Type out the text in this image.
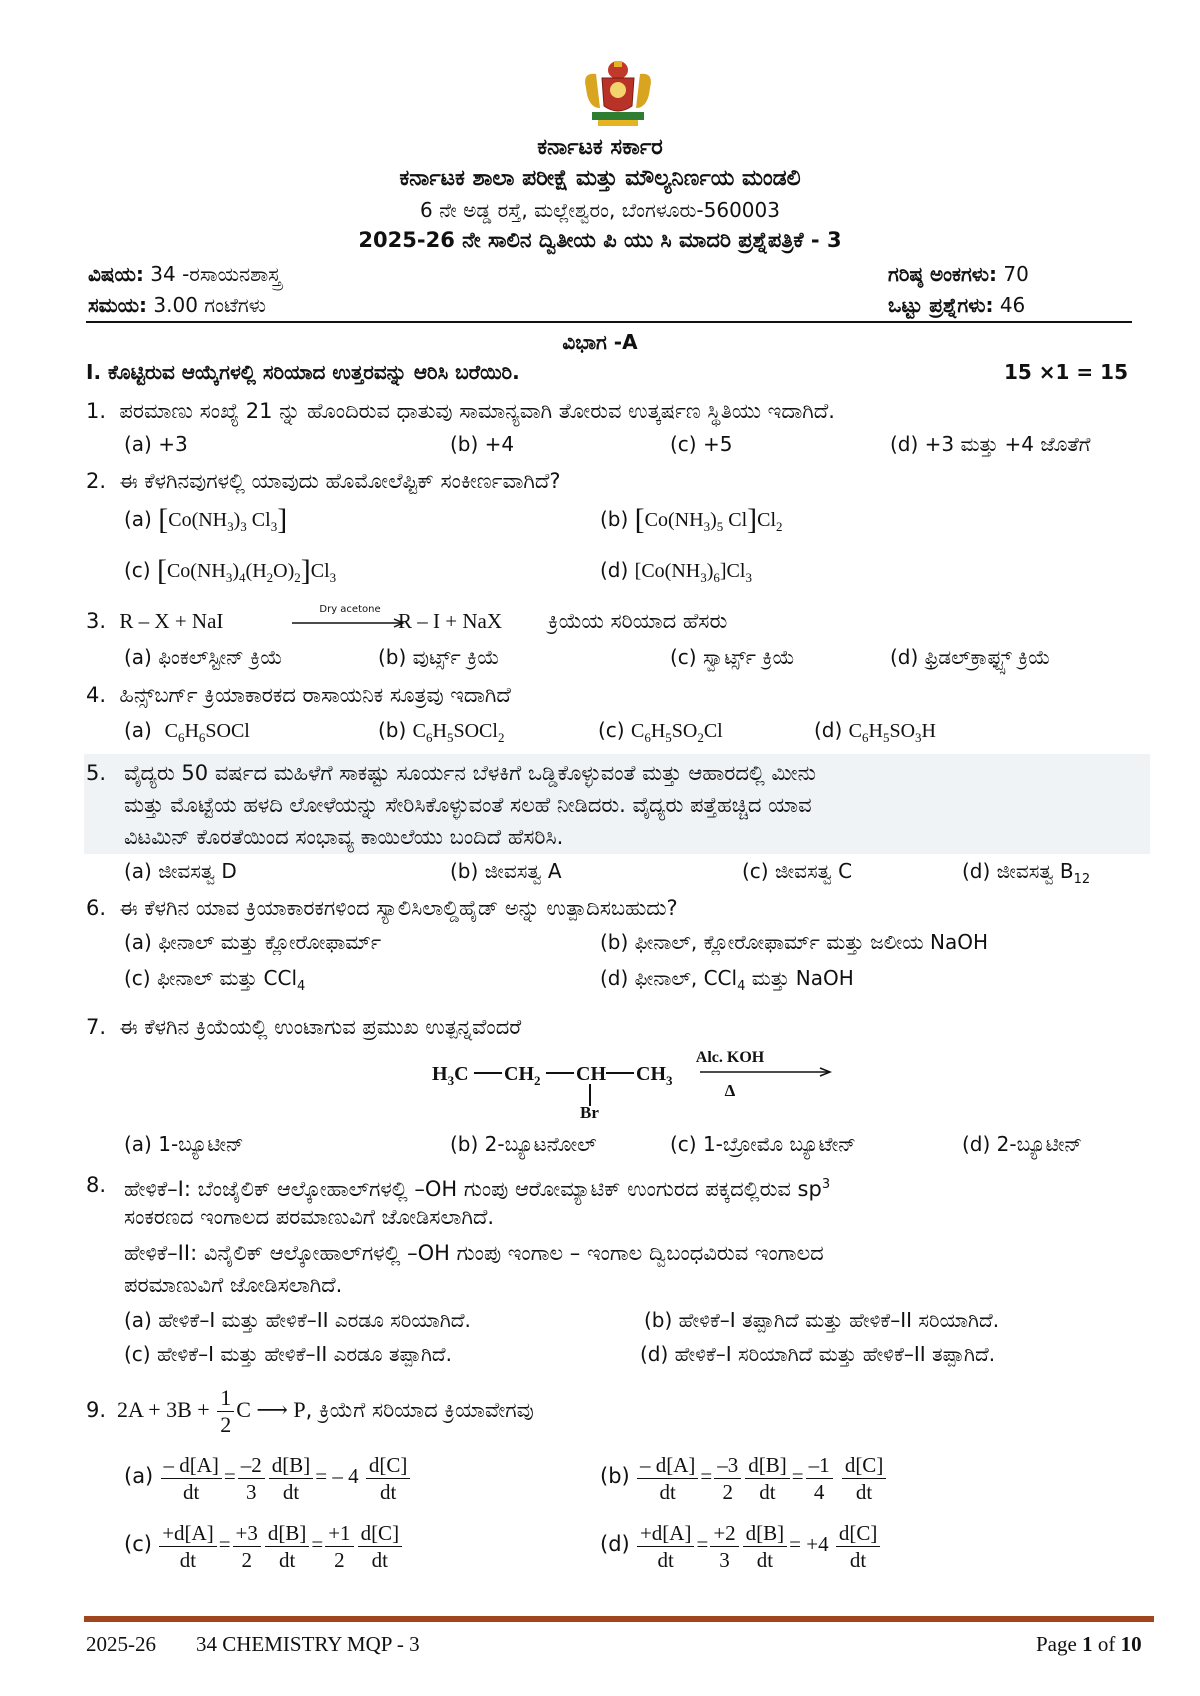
ಕರ್ನಾಟಕ ಸರ್ಕಾರ
ಕರ್ನಾಟಕ ಶಾಲಾ ಪರೀಕ್ಷೆ ಮತ್ತು ಮೌಲ್ಯನಿರ್ಣಯ ಮಂಡಲಿ
6 ನೇ ಅಡ್ಡ ರಸ್ತೆ, ಮಲ್ಲೇಶ್ವರಂ, ಬೆಂಗಳೂರು-560003
2025-26 ನೇ ಸಾಲಿನ ದ್ವಿತೀಯ ಪಿ ಯು ಸಿ ಮಾದರಿ ಪ್ರಶ್ನೆಪತ್ರಿಕೆ - 3
ವಿಷಯ: 34 -ರಸಾಯನಶಾಸ್ತ್ರ	ಗರಿಷ್ಠ ಅಂಕಗಳು: 70
ಸಮಯ: 3.00 ಗಂಟೆಗಳು	ಒಟ್ಟು ಪ್ರಶ್ನೆಗಳು: 46
ವಿಭಾಗ -A
I. ಕೊಟ್ಟಿರುವ ಆಯ್ಕೆಗಳಲ್ಲಿ ಸರಿಯಾದ ಉತ್ತರವನ್ನು ಆರಿಸಿ ಬರೆಯಿರಿ.	15 ×1 = 15
1. ಪರಮಾಣು ಸಂಖ್ಯೆ 21 ನ್ನು ಹೊಂದಿರುವ ಧಾತುವು ಸಾಮಾನ್ಯವಾಗಿ ತೋರುವ ಉತ್ಕರ್ಷಣ ಸ್ಥಿತಿಯು ಇದಾಗಿದೆ.
(a) +3	(b) +4	(c) +5	(d) +3 ಮತ್ತು +4 ಜೊತೆಗೆ
2. ಈ ಕೆಳಗಿನವುಗಳಲ್ಲಿ ಯಾವುದು ಹೊಮೋಲೆಪ್ಟಿಕ್ ಸಂಕೀರ್ಣವಾಗಿದೆ?
(a) [$Co(NH_3)_3$ $Cl_3$]	(b) [$Co(NH_3)_5$ $Cl]Cl_2$
(c) $[Co(NH_3)_4(H_2O)_2]Cl_3$	(d) $[Co(NH_3)_6]Cl_3$
3. R – X + NaI	Dry acetone R – I + NaX ಕ್ರಿಯೆಯ ಸರಿಯಾದ ಹೆಸರು
(a) ಫಿಂಕಲ್‌ಸ್ಟೀನ್ ಕ್ರಿಯೆ	(b) ವುರ್ಟ್ಸ್ ಕ್ರಿಯೆ	(c) ಸ್ವಾರ್ಟ್ಸ್ ಕ್ರಿಯೆ	(d) ಫ್ರಿಡಲ್‌ಕ್ರಾಫ್ಟ್ಸ್ ಕ್ರಿಯೆ
4. ಹಿನ್ಸ್‌ಬರ್ಗ್ ಕ್ರಿಯಾಕಾರಕದ ರಾಸಾಯನಿಕ ಸೂತ್ರವು ಇದಾಗಿದೆ
(a) $C_6H_6SOCl$	(b) $C_6H_5SOCl_2$	(c) $C_6H_5SO_2Cl$	(d) $C_6H_5SO_3H$
5. ವೈದ್ಯರು 50 ವರ್ಷದ ಮಹಿಳೆಗೆ ಸಾಕಷ್ಟು ಸೂರ್ಯನ ಬೆಳಕಿಗೆ ಒಡ್ಡಿಕೊಳ್ಳುವಂತೆ ಮತ್ತು ಆಹಾರದಲ್ಲಿ ಮೀನು
ಮತ್ತು ಮೊಟ್ಟೆಯ ಹಳದಿ ಲೋಳೆಯನ್ನು ಸೇರಿಸಿಕೊಳ್ಳುವಂತೆ ಸಲಹೆ ನೀಡಿದರು. ವೈದ್ಯರು ಪತ್ತೆಹಚ್ಚಿದ ಯಾವ
ವಿಟಮಿನ್ ಕೊರತೆಯಿಂದ ಸಂಭಾವ್ಯ ಕಾಯಿಲೆಯು ಬಂದಿದೆ ಹೆಸರಿಸಿ.
(a) ಜೀವಸತ್ವ D	(b) ಜೀವಸತ್ವ A	(c) ಜೀವಸತ್ವ C	(d) ಜೀವಸತ್ವ $B_{12}$
6. ಈ ಕೆಳಗಿನ ಯಾವ ಕ್ರಿಯಾಕಾರಕಗಳಿಂದ ಸ್ಯಾಲಿಸಿಲಾಲ್ಡಿಹೈಡ್ ಅನ್ನು ಉತ್ಪಾದಿಸಬಹುದು?
(a) ಫೀನಾಲ್ ಮತ್ತು ಕ್ಲೋರೋಫಾರ್ಮ್	(b) ಫೀನಾಲ್, ಕ್ಲೋರೋಫಾರ್ಮ್ ಮತ್ತು ಜಲೀಯ NaOH
(c) ಫೀನಾಲ್ ಮತ್ತು CCl$_4$	(d) ಫೀನಾಲ್, CCl$_4$ ಮತ್ತು NaOH
7. ಈ ಕೆಳಗಿನ ಕ್ರಿಯೆಯಲ್ಲಿ ಉಂಟಾಗುವ ಪ್ರಮುಖ ಉತ್ಪನ್ನವೆಂದರೆ
$H_3C$ $CH_2$ CH $CH_3$
Br
Alc. KOH
Δ
(a) 1-ಬ್ಯೂಟೀನ್	(b) 2-ಬ್ಯೂಟನೋಲ್	(c) 1-ಬ್ರೋಮೊ ಬ್ಯೂಟೇನ್	(d) 2-ಬ್ಯೂಟೀನ್
8. ಹೇಳಿಕೆ–I: ಬೆಂಜೈಲಿಕ್ ಆಲ್ಕೋಹಾಲ್‌ಗಳಲ್ಲಿ –OH ಗುಂಪು ಆರೋಮ್ಯಾಟಿಕ್ ಉಂಗುರದ ಪಕ್ಕದಲ್ಲಿರುವ $sp^3$
ಸಂಕರಣದ ಇಂಗಾಲದ ಪರಮಾಣುವಿಗೆ ಜೋಡಿಸಲಾಗಿದೆ.
ಹೇಳಿಕೆ–II: ವಿನೈಲಿಕ್ ಆಲ್ಕೋಹಾಲ್‌ಗಳಲ್ಲಿ –OH ಗುಂಪು ಇಂಗಾಲ – ಇಂಗಾಲ ದ್ವಿಬಂಧವಿರುವ ಇಂಗಾಲದ
ಪರಮಾಣುವಿಗೆ ಜೋಡಿಸಲಾಗಿದೆ.
(a) ಹೇಳಿಕೆ–I ಮತ್ತು ಹೇಳಿಕೆ–II ಎರಡೂ ಸರಿಯಾಗಿದೆ.	(b) ಹೇಳಿಕೆ–I ತಪ್ಪಾಗಿದೆ ಮತ್ತು ಹೇಳಿಕೆ–II ಸರಿಯಾಗಿದೆ.
(c) ಹೇಳಿಕೆ–I ಮತ್ತು ಹೇಳಿಕೆ–II ಎರಡೂ ತಪ್ಪಾಗಿದೆ.	(d) ಹೇಳಿಕೆ–I ಸರಿಯಾಗಿದೆ ಮತ್ತು ಹೇಳಿಕೆ–II ತಪ್ಪಾಗಿದೆ.
9.  $2A + 3B + \frac{1}{2}$ C ⟶ P, ಕ್ರಿಯೆಗೆ ಸರಿಯಾದ ಕ್ರಿಯಾವೇಗವು
$(a) \frac{- d[A]}{dt} = \frac{-2}{3} \frac{d[B]}{dt}$ = – $4 \frac{d[C]}{dt}$	$(b) \frac{- d[A]}{dt} = \frac{-3}{2} \frac{d[B]}{dt} = \frac{-1}{4}$
$\frac{d[C]}{dt}$
$(c) \frac{+d[A]}{dt} = \frac{+3}{2} \frac{d[B]}{dt} = \frac{+1}{2} \frac{d[C]}{dt}$	$(d) \frac{+d[A]}{dt} = \frac{+2}{3} \frac{d[B]}{dt} = +4 \frac{d[C]}{dt}$
2025-26 34 CHEMISTRY MQP - 3	Page 1 of 10
